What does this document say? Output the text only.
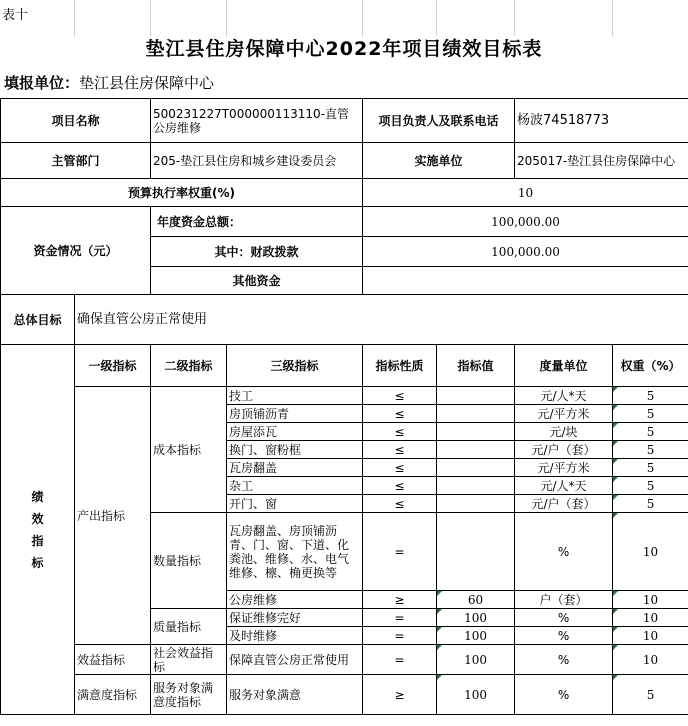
表十
垫江县住房保障中心2022年项目绩效目标表
填报单位：垫江县住房保障中心
项目名称		500231227T000000113110-直管公房维修		项目负责人及联系电话		杨波74518773	
主管部门		205-垫江县住房和城乡建设委员会		实施单位		205017-垫江县住房保障中心	
预算执行率权重(%)				10			
资金情况（元）		年度资金总额：		100,000.00			
		其中：财政拨款		100,000.00			
		其他资金					
总体目标	确保直管公房正常使用						

绩效指标	一级指标	二级指标	三级指标	指标性质	指标值	度量单位	权重（%）
	产出指标	成本指标	技工	≤		元/人*天	5
			房顶铺沥青	≤		元/平方米	5
			房屋添瓦	≤		元/块	5
			换门、窗粉框	≤		元/户（套）	5
			瓦房翻盖	≤		元/平方米	5
			杂工	≤		元/人*天	5
			开门、窗	≤		元/户（套）	5
		数量指标	瓦房翻盖、房顶铺沥青、门、窗、下道、化粪池、维修、水、电气维修、檩、桷更换等	=		%	10
			公房维修	≥	60	户（套）	10
		质量指标	保证维修完好	=	100	%	10
			及时维修	=	100	%	10
	效益指标	社会效益指标	保障直管公房正常使用	=	100	%	10
	满意度指标	服务对象满意度指标	服务对象满意	≥	100	%	5
